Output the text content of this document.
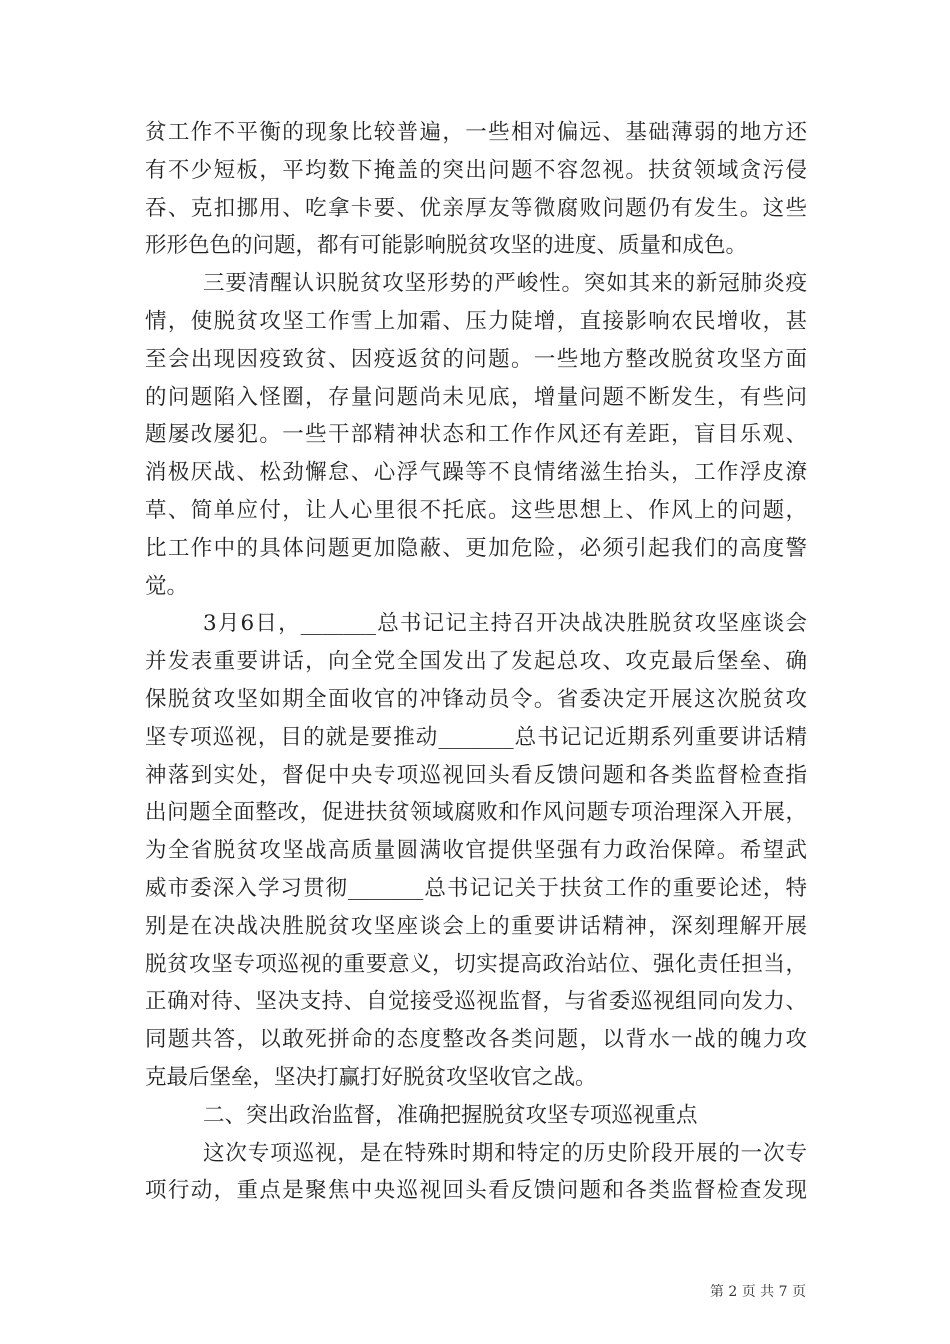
贫工作不平衡的现象比较普遍，一些相对偏远、基础薄弱的地方还
有不少短板，平均数下掩盖的突出问题不容忽视。扶贫领域贪污侵
吞、克扣挪用、吃拿卡要、优亲厚友等微腐败问题仍有发生。这些
形形色色的问题，都有可能影响脱贫攻坚的进度、质量和成色。
三要清醒认识脱贫攻坚形势的严峻性。突如其来的新冠肺炎疫
情，使脱贫攻坚工作雪上加霜、压力陡增，直接影响农民增收，甚
至会出现因疫致贫、因疫返贫的问题。一些地方整改脱贫攻坚方面
的问题陷入怪圈，存量问题尚未见底，增量问题不断发生，有些问
题屡改屡犯。一些干部精神状态和工作作风还有差距，盲目乐观、
消极厌战、松劲懈怠、心浮气躁等不良情绪滋生抬头，工作浮皮潦
草、简单应付，让人心里很不托底。这些思想上、作风上的问题，
比工作中的具体问题更加隐蔽、更加危险，必须引起我们的高度警
觉。
3月6日，_______总书记记主持召开决战决胜脱贫攻坚座谈会
并发表重要讲话，向全党全国发出了发起总攻、攻克最后堡垒、确
保脱贫攻坚如期全面收官的冲锋动员令。省委决定开展这次脱贫攻
坚专项巡视，目的就是要推动_______总书记记近期系列重要讲话精
神落到实处，督促中央专项巡视回头看反馈问题和各类监督检查指
出问题全面整改，促进扶贫领域腐败和作风问题专项治理深入开展，
为全省脱贫攻坚战高质量圆满收官提供坚强有力政治保障。希望武
威市委深入学习贯彻_______总书记记关于扶贫工作的重要论述，特
别是在决战决胜脱贫攻坚座谈会上的重要讲话精神，深刻理解开展
脱贫攻坚专项巡视的重要意义，切实提高政治站位、强化责任担当，
正确对待、坚决支持、自觉接受巡视监督，与省委巡视组同向发力、
同题共答，以敢死拼命的态度整改各类问题，以背水一战的魄力攻
克最后堡垒，坚决打赢打好脱贫攻坚收官之战。
二、突出政治监督，准确把握脱贫攻坚专项巡视重点
这次专项巡视，是在特殊时期和特定的历史阶段开展的一次专
项行动，重点是聚焦中央巡视回头看反馈问题和各类监督检查发现
第 2 页 共 7 页
